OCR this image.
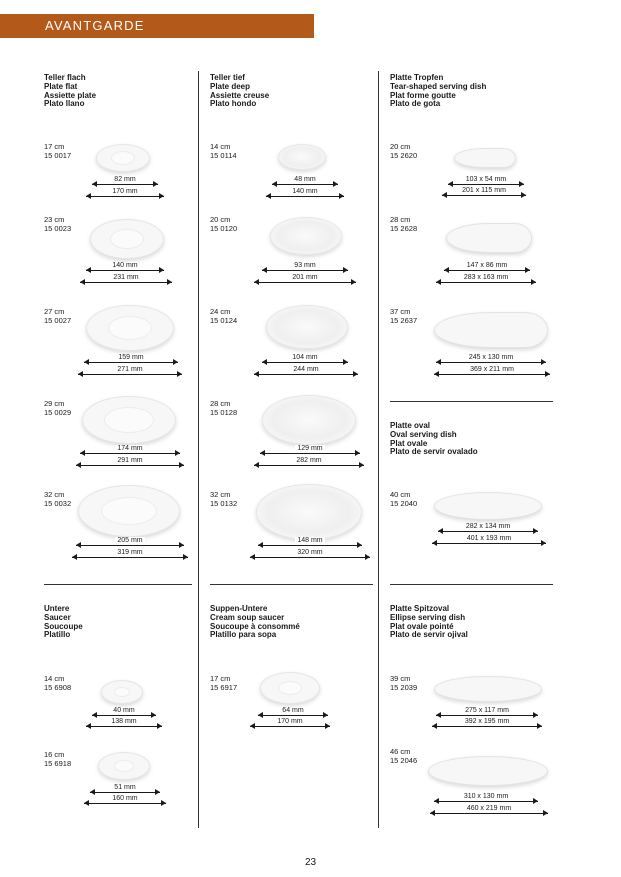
AVANTGARDE
Teller flach
Plate flat
Assiette plate
Plato llano
17 cm
15 0017
82 mm
170 mm
23 cm
15 0023
140 mm
231 mm
27 cm
15 0027
159 mm
271 mm
29 cm
15 0029
174 mm
291 mm
32 cm
15 0032
205 mm
319 mm
Teller tief
Plate deep
Assiette creuse
Plato hondo
14 cm
15 0114
48 mm
140 mm
20 cm
15 0120
93 mm
201 mm
24 cm
15 0124
104 mm
244 mm
28 cm
15 0128
129 mm
282 mm
32 cm
15 0132
148 mm
320 mm
Platte Tropfen
Tear-shaped serving dish
Plat forme goutte
Plato de gota
20 cm
15 2620
103 x 54 mm
201 x 115 mm
28 cm
15 2628
147 x 86 mm
283 x 163 mm
37 cm
15 2637
245 x 130 mm
369 x 211 mm
Platte oval
Oval serving dish
Plat ovale
Plato de servir ovalado
40 cm
15 2040
282 x 134 mm
401 x 193 mm
Untere
Saucer
Soucoupe
Platillo
14 cm
15 6908
40 mm
138 mm
16 cm
15 6918
51 mm
160 mm
Suppen-Untere
Cream soup saucer
Soucoupe à consommé
Platillo para sopa
17 cm
15 6917
64 mm
170 mm
Platte Spitzoval
Ellipse serving dish
Plat ovale pointé
Plato de servir ojival
39 cm
15 2039
275 x 117 mm
392 x 195 mm
46 cm
15 2046
310 x 130 mm
460 x 219 mm
23
